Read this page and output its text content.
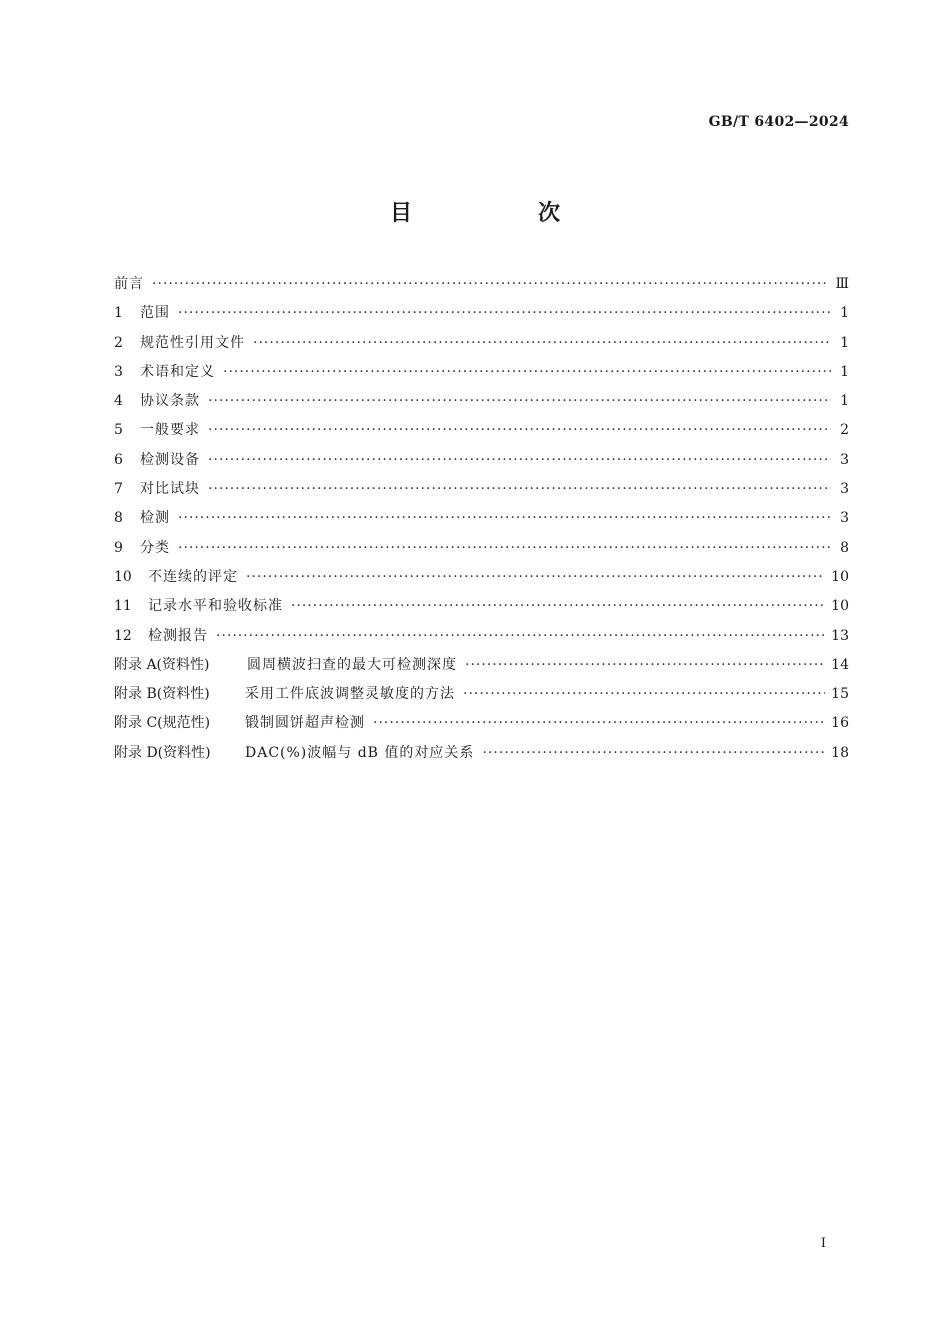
GB/T 6402—2024
目　次
前言 ·····	Ⅲ
1	范围 ·····	1
2	规范性引用文件 ·····	1
3	术语和定义 ·····	1
4	协议条款 ·····	1
5	一般要求 ·····	2
6	检测设备 ·····	3
7	对比试块 ·····	3
8	检测 ·····	3
9	分类 ·····	8
10	不连续的评定 ·····	10
11	记录水平和验收标准 ·····	10
12	检测报告 ·····	13
附录 A(资料性)	圆周横波扫查的最大可检测深度 ·····	14
附录 B(资料性)	采用工件底波调整灵敏度的方法 ·····	15
附录 C(规范性)	锻制圆饼超声检测 ·····	16
附录 D(资料性)	DAC(%)波幅与 dB 值的对应关系 ·····	18
Ⅰ
